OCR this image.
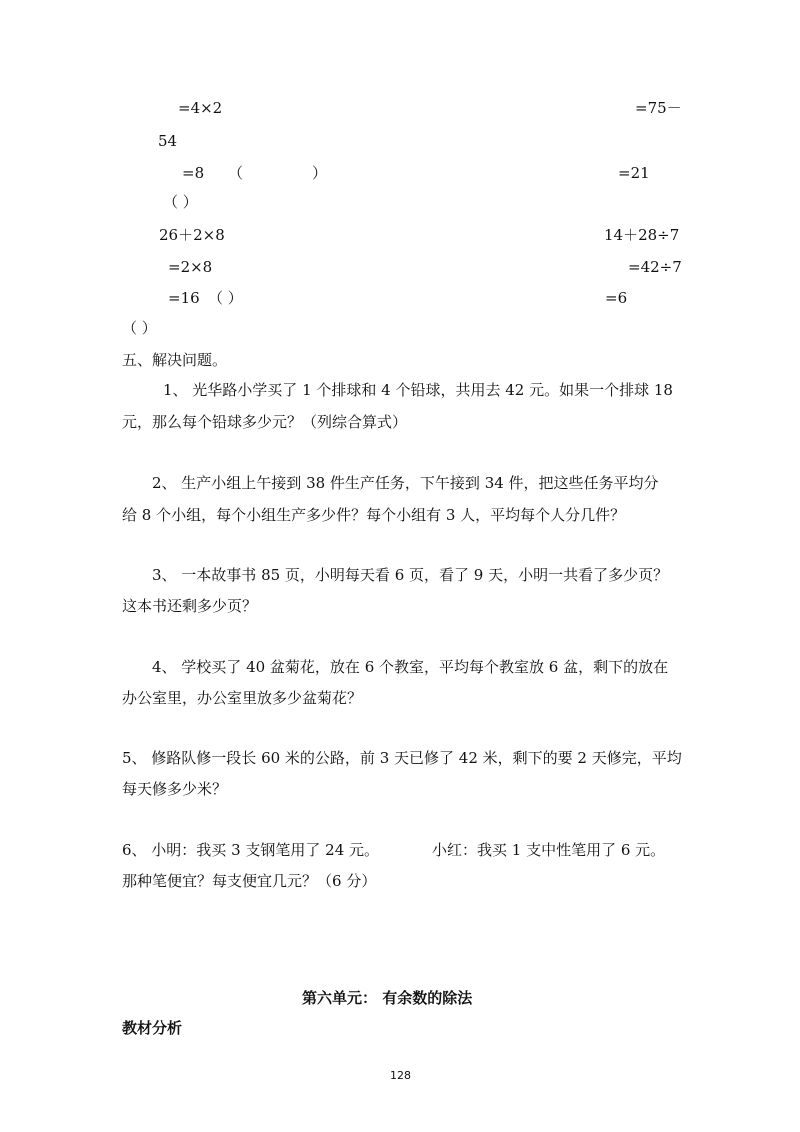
=4×2	=75－
54
=8 （	）	=21
（ ）
26＋2×8	14＋28÷7
=2×8	=42÷7
=16 （ ）	=6
（ ）
五、解决问题。
1、 光华路小学买了 1 个排球和 4 个铅球，共用去 42 元。如果一个排球 18
元，那么每个铅球多少元？（列综合算式）
2、 生产小组上午接到 38 件生产任务，下午接到 34 件，把这些任务平均分
给 8 个小组，每个小组生产多少件？每个小组有 3 人，平均每个人分几件？
3、 一本故事书 85 页，小明每天看 6 页，看了 9 天，小明一共看了多少页？
这本书还剩多少页？
4、 学校买了 40 盆菊花，放在 6 个教室，平均每个教室放 6 盆，剩下的放在
办公室里，办公室里放多少盆菊花？
5、 修路队修一段长 60 米的公路，前 3 天已修了 42 米，剩下的要 2 天修完，平均
每天修多少米？
6、 小明：我买 3 支钢笔用了 24 元。	小红：我买 1 支中性笔用了 6 元。
那种笔便宜？每支便宜几元？（6 分）
第六单元： 有余数的除法
教材分析
128
